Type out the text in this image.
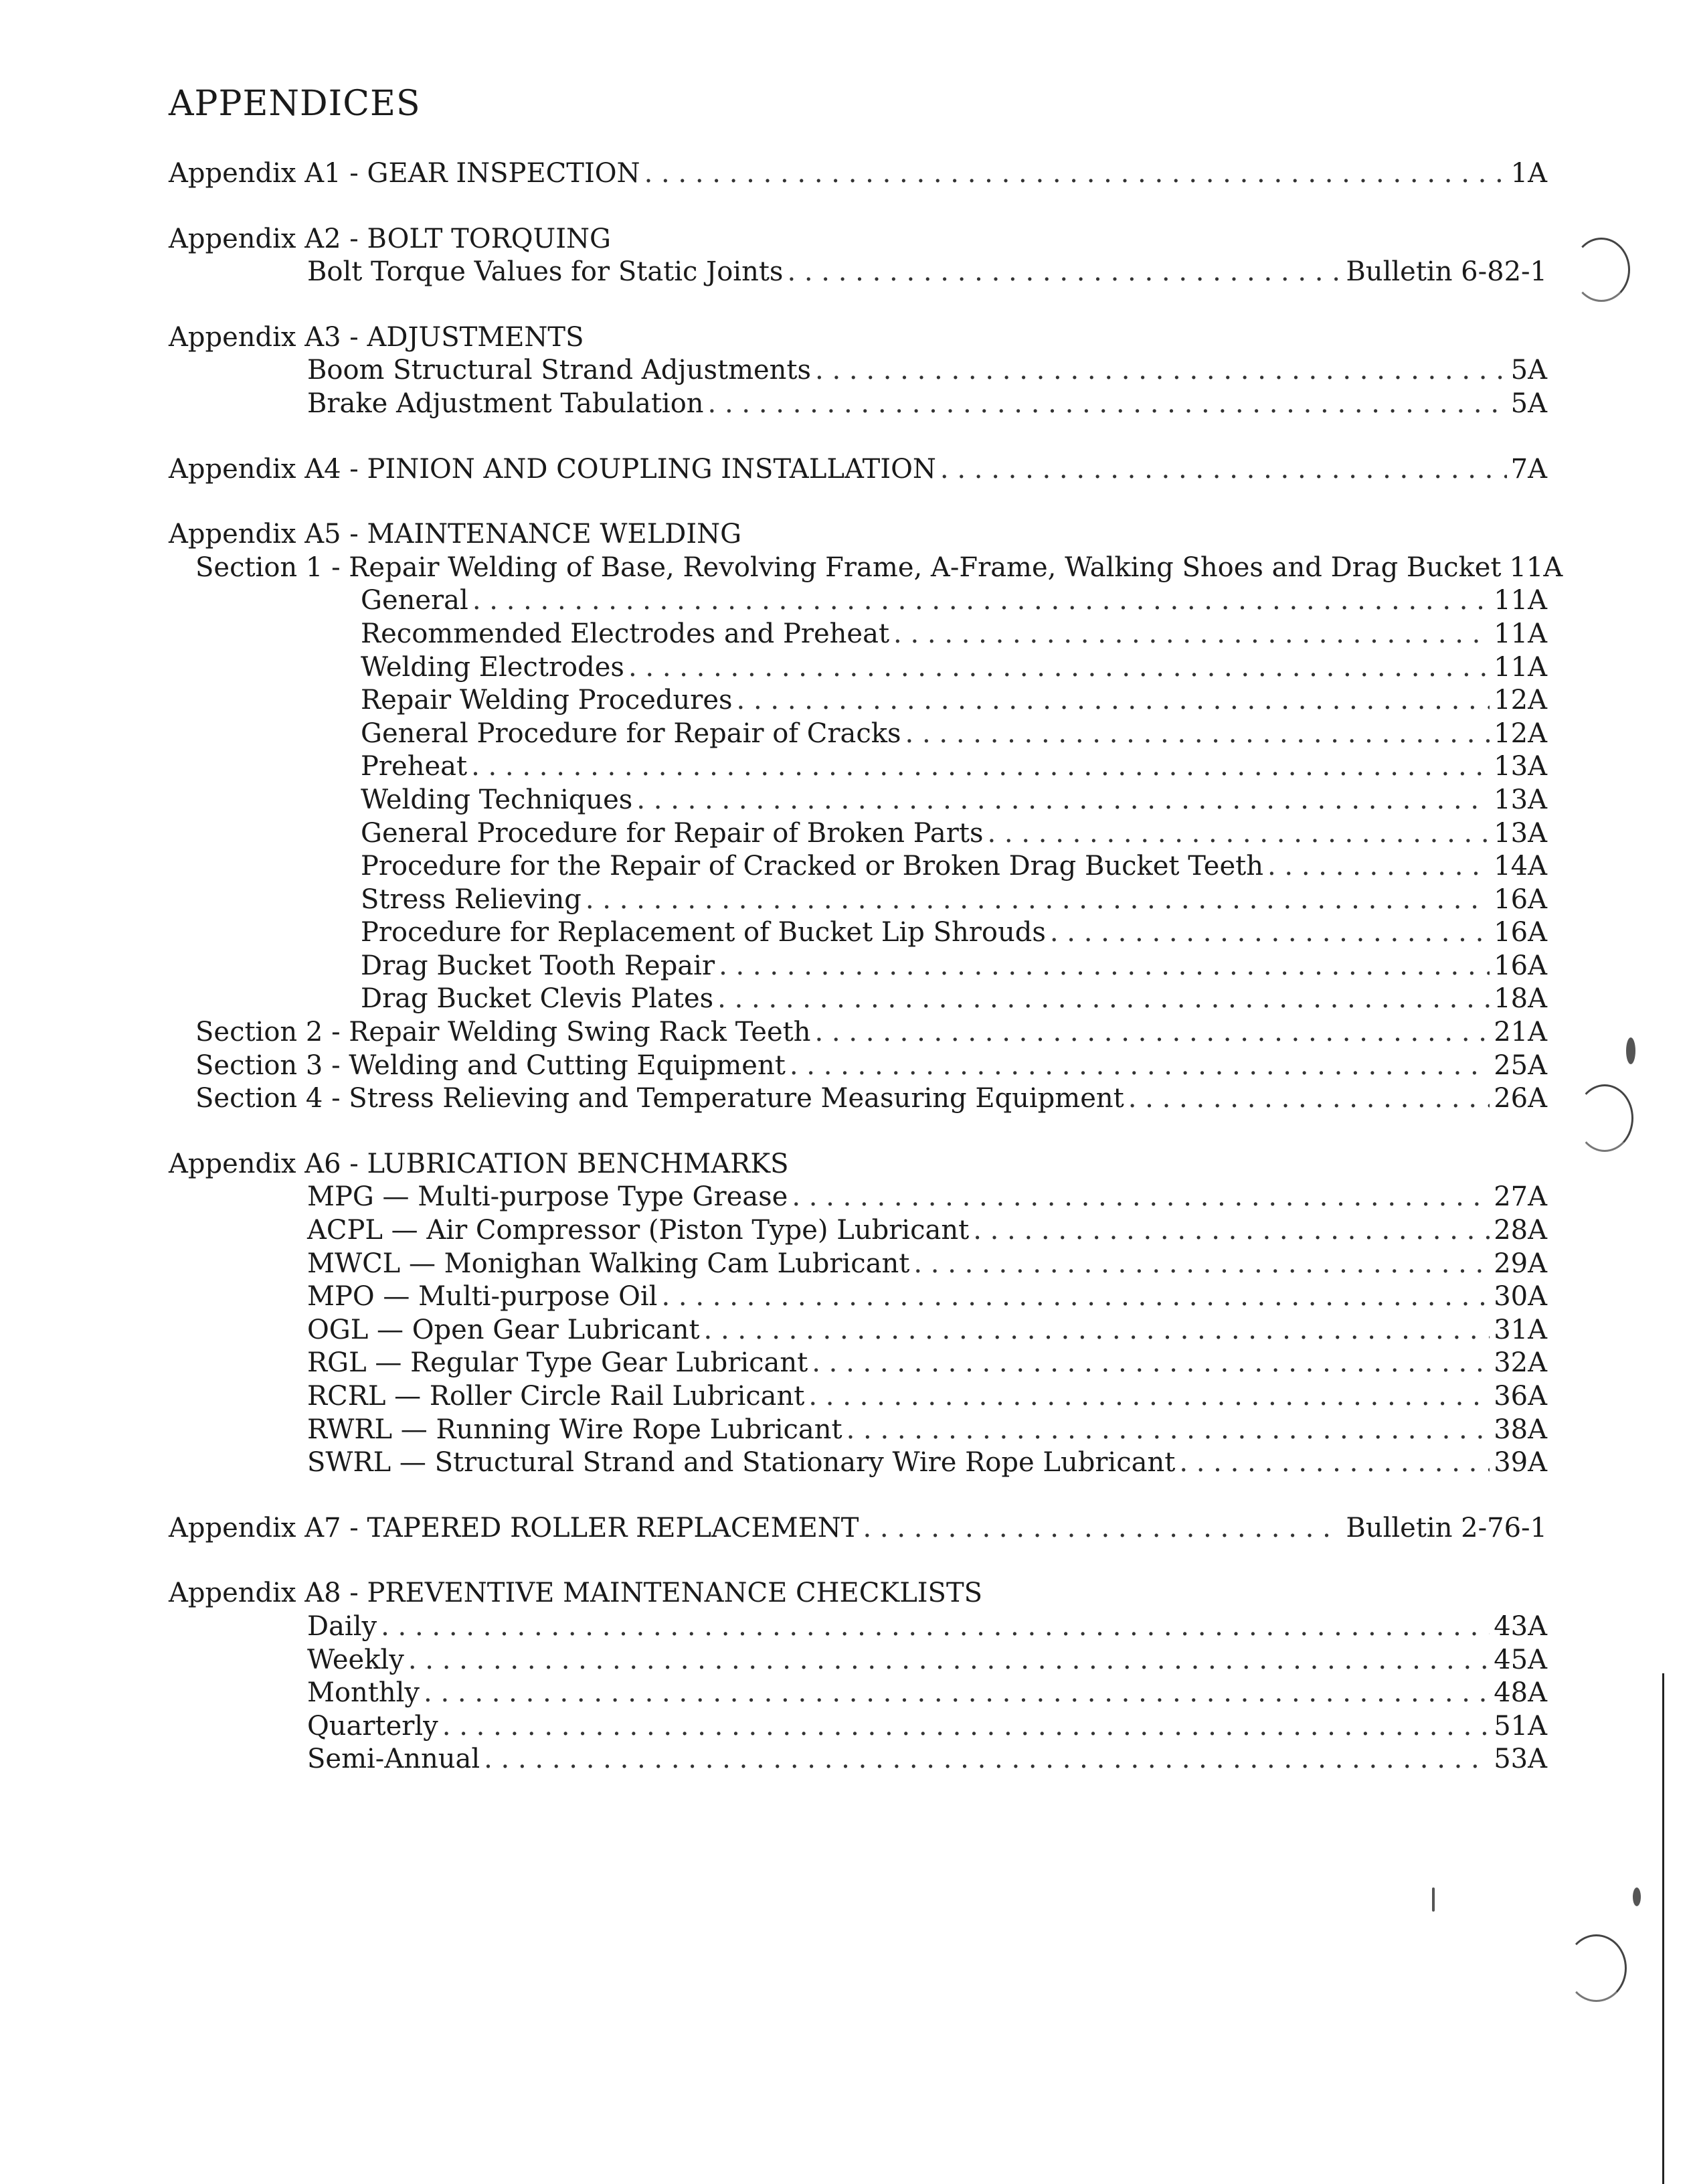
APPENDICES
Appendix A1 - GEAR INSPECTION . . .	1A
Appendix A2 - BOLT TORQUING
Bolt Torque Values for Static Joints . . .	Bulletin 6-82-1
Appendix A3 - ADJUSTMENTS
Boom Structural Strand Adjustments . . .	5A
Brake Adjustment Tabulation . . .	5A
Appendix A4 - PINION AND COUPLING INSTALLATION . . .	7A
Appendix A5 - MAINTENANCE WELDING
Section 1 - Repair Welding of Base, Revolving Frame, A-Frame, Walking Shoes and Drag Bucket 11A
General . . .	11A
Recommended Electrodes and Preheat . . .	11A
Welding Electrodes . . .	11A
Repair Welding Procedures . . .	12A
General Procedure for Repair of Cracks . . .	12A
Preheat . . .	13A
Welding Techniques . . .	13A
General Procedure for Repair of Broken Parts . . .	13A
Procedure for the Repair of Cracked or Broken Drag Bucket Teeth . . .	14A
Stress Relieving . . .	16A
Procedure for Replacement of Bucket Lip Shrouds . . .	16A
Drag Bucket Tooth Repair . . .	16A
Drag Bucket Clevis Plates . . .	18A
Section 2 - Repair Welding Swing Rack Teeth . . .	21A
Section 3 - Welding and Cutting Equipment . . .	25A
Section 4 - Stress Relieving and Temperature Measuring Equipment . . .	26A
Appendix A6 - LUBRICATION BENCHMARKS
MPG — Multi-purpose Type Grease . . .	27A
ACPL — Air Compressor (Piston Type) Lubricant . . .	28A
MWCL — Monighan Walking Cam Lubricant . . .	29A
MPO — Multi-purpose Oil . . .	30A
OGL — Open Gear Lubricant . . .	31A
RGL — Regular Type Gear Lubricant . . .	32A
RCRL — Roller Circle Rail Lubricant . . .	36A
RWRL — Running Wire Rope Lubricant . . .	38A
SWRL — Structural Strand and Stationary Wire Rope Lubricant . . .	39A
Appendix A7 - TAPERED ROLLER REPLACEMENT . . .	Bulletin 2-76-1
Appendix A8 - PREVENTIVE MAINTENANCE CHECKLISTS
Daily . . .	43A
Weekly . . .	45A
Monthly . . .	48A
Quarterly . . .	51A
Semi-Annual . . .	53A
